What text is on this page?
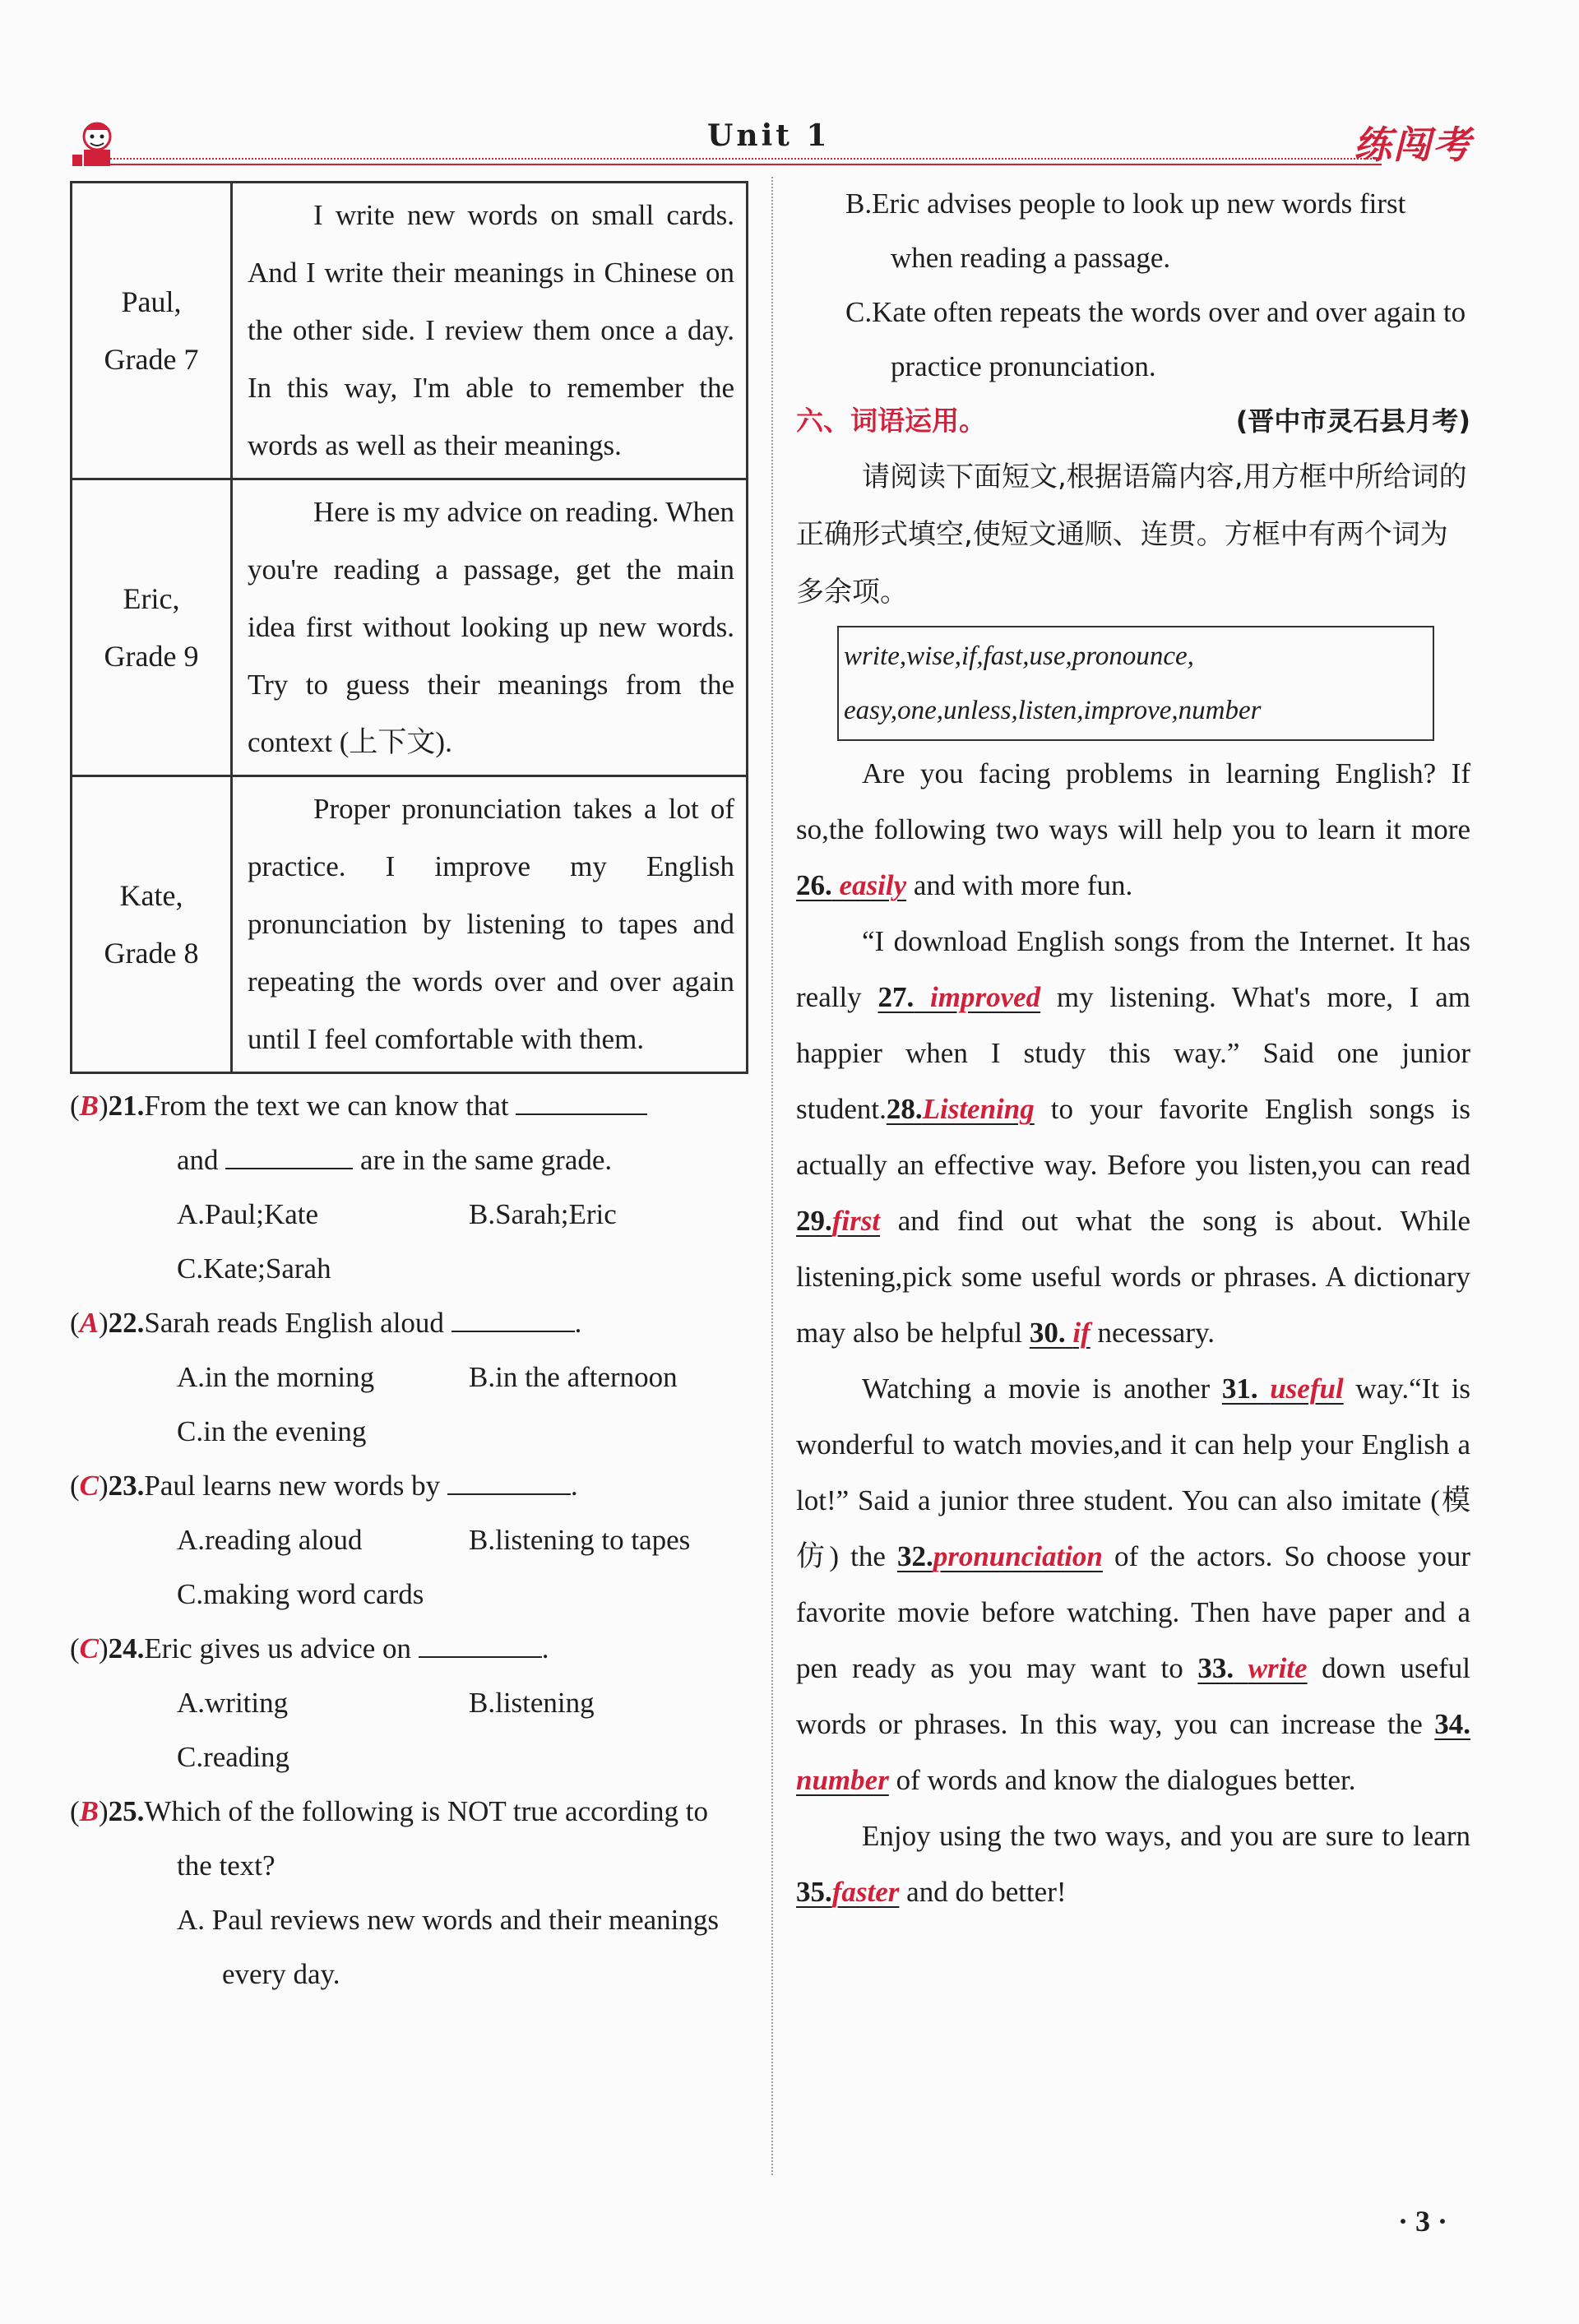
Unit 1	练闯考
Paul,
Grade 7	I write new words on small cards. And I write their meanings in Chinese on the other side. I review them once a day. In this way, I'm able to remember the words as well as their meanings.
Eric,
Grade 9	Here is my advice on reading. When you're reading a passage, get the main idea first without looking up new words. Try to guess their meanings from the context (上下文).
Kate,
Grade 8	Proper pronunciation takes a lot of practice. I improve my English pronunciation by listening to tapes and repeating the words over and over again until I feel comfortable with them.
(B)21.From the text we can know that
and	are in the same grade.
A.Paul;Kate	B.Sarah;Eric
C.Kate;Sarah
(A)22.Sarah reads English aloud	.
A.in the morning	B.in the afternoon
C.in the evening
(C)23.Paul learns new words by	.
A.reading aloud	B.listening to tapes
C.making word cards
(C)24.Eric gives us advice on	.
A.writing	B.listening
C.reading
(B)25.Which of the following is NOT true according to the text?
A. Paul reviews new words and their meanings every day.
B.Eric advises people to look up new words first when reading a passage.
C.Kate often repeats the words over and over again to practice pronunciation.
六、词语运用。	(晋中市灵石县月考)
请阅读下面短文,根据语篇内容,用方框中所给词的正确形式填空,使短文通顺、连贯。方框中有两个词为多余项。
write,wise,if,fast,use,pronounce,
easy,one,unless,listen,improve,number
Are you facing problems in learning English? If so,the following two ways will help you to learn it more 26. easily and with more fun.
“I download English songs from the Internet. It has really 27. improved my listening. What's more, I am happier when I study this way.” Said one junior student.28.Listening to your favorite English songs is actually an effective way. Before you listen,you can read 29.first and find out what the song is about. While listening,pick some useful words or phrases. A dictionary may also be helpful 30. if necessary.
Watching a movie is another 31. useful way.“It is wonderful to watch movies,and it can help your English a lot!” Said a junior three student. You can also imitate (模仿) the 32.pronunciation of the actors. So choose your favorite movie before watching. Then have paper and a pen ready as you may want to 33. write down useful words or phrases. In this way, you can increase the 34. number of words and know the dialogues better.
Enjoy using the two ways, and you are sure to learn 35.faster and do better!
· 3 ·
